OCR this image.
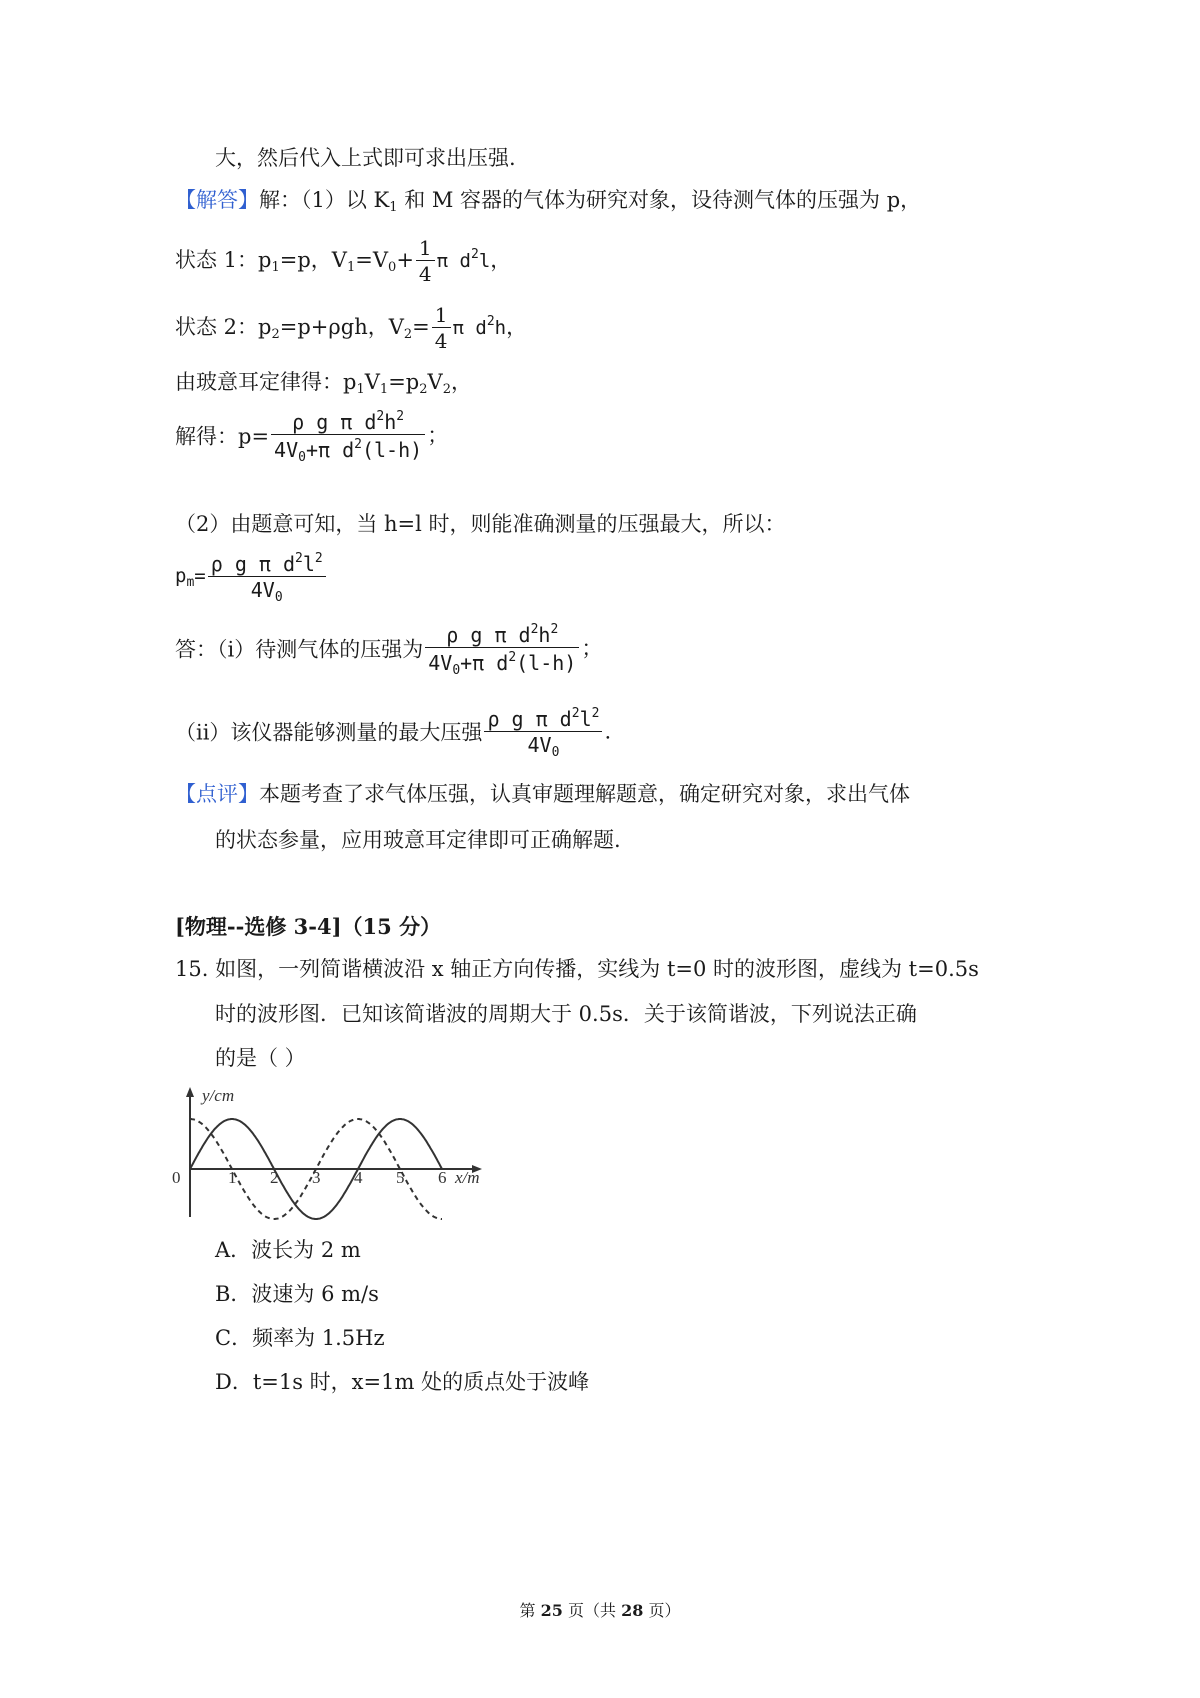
大，然后代入上式即可求出压强.
【解答】解：（1）以 $K_1$ 和 M 容器的气体为研究对象，设待测气体的压强为 p，
状态 1：$p_1=p$，$V_1=V_0+ \frac{1}{4}$ π $d^2l$，
状态 2：$p_2=p+\rho gh$，$V_2= \frac{1}{4}$ π $d^2h$，
由玻意耳定律得：$p_1V_1=p_2V_2$，
解得：$p= \frac{\rho g \pi d^2h^2}{4V_0+\pi d^2(l-h)}$ ；
（2）由题意可知，当 h=l 时，则能准确测量的压强最大，所以：
$p_m= \frac{\rho g \pi d^2l^2}{4V_0}$
答：（i）待测气体的压强为 $\frac{\rho g \pi d^2h^2}{4V_0+\pi d^2(l-h)}$ ；
（ii）该仪器能够测量的最大压强 $\frac{\rho g \pi d^2l^2}{4V_0}$ .
【点评】本题考查了求气体压强，认真审题理解题意，确定研究对象，求出气体
的状态参量，应用玻意耳定律即可正确解题.
[物理--选修 3-4]（15 分）
15. 如图，一列简谐横波沿 x 轴正方向传播，实线为 t=0 时的波形图，虚线为 t=0.5s
时的波形图．已知该简谐波的周期大于 0.5s．关于该简谐波，下列说法正确
的是（ ）
y/cm
x/m
0	1 2 3 4 5 6
A．波长为 2 m
B．波速为 6 m/s
C．频率为 1.5Hz
D．t=1s 时，x=1m 处的质点处于波峰
第 25 页（共 28 页）
